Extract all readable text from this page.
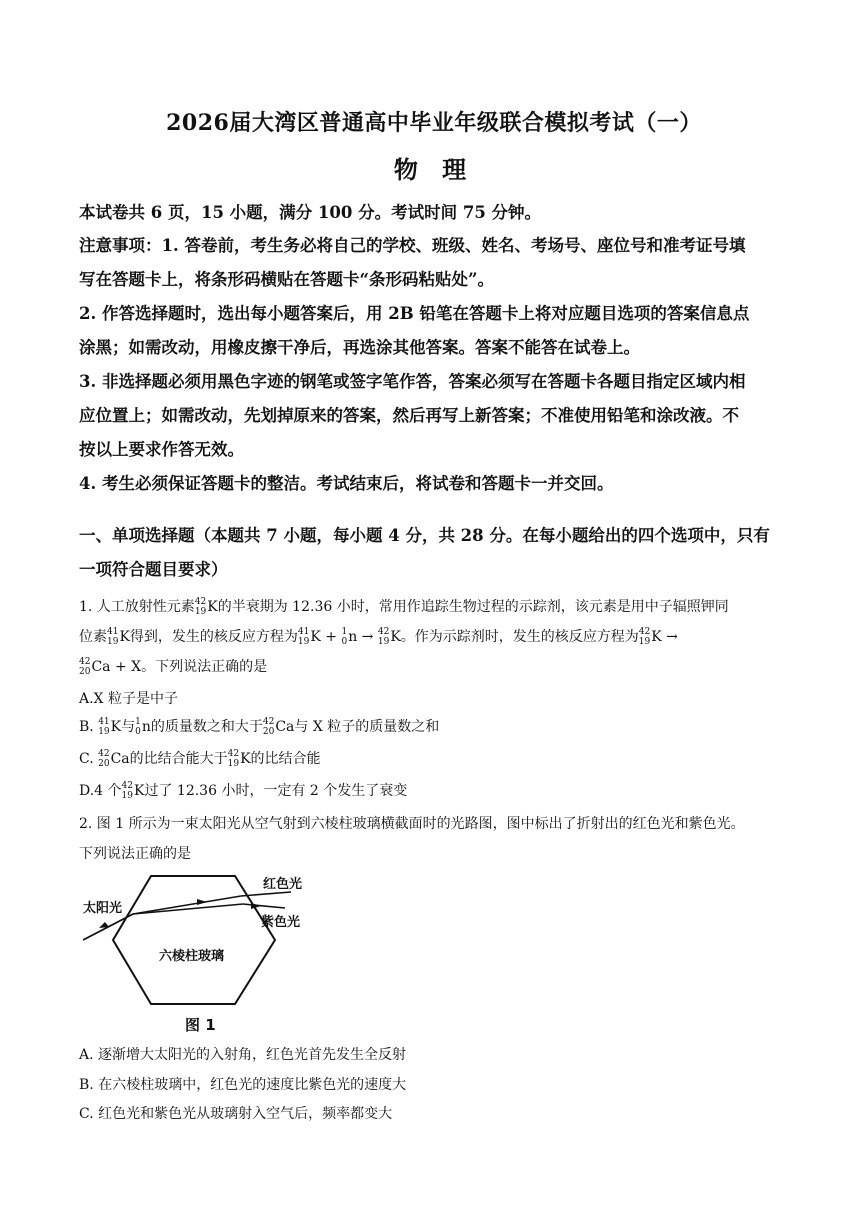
2026届大湾区普通高中毕业年级联合模拟考试（一）
物 理
本试卷共 6 页，15 小题，满分 100 分。考试时间 75 分钟。
注意事项：1. 答卷前，考生务必将自己的学校、班级、姓名、考场号、座位号和准考证号填
写在答题卡上，将条形码横贴在答题卡“条形码粘贴处”。
2. 作答选择题时，选出每小题答案后，用 2B 铅笔在答题卡上将对应题目选项的答案信息点
涂黑；如需改动，用橡皮擦干净后，再选涂其他答案。答案不能答在试卷上。
3. 非选择题必须用黑色字迹的钢笔或签字笔作答，答案必须写在答题卡各题目指定区域内相
应位置上；如需改动，先划掉原来的答案，然后再写上新答案；不准使用铅笔和涂改液。不
按以上要求作答无效。
4. 考生必须保证答题卡的整洁。考试结束后，将试卷和答题卡一并交回。
一、单项选择题（本题共 7 小题，每小题 4 分，共 28 分。在每小题给出的四个选项中，只有
一项符合题目要求）
1. 人工放射性元素 42
19 K的半衰期为 12.36 小时，常用作追踪生物过程的示踪剂，该元素是用中子辐照钾同
位素 41
19 K得到，发生的核反应方程为 41
19 K + 1
0 n → 42
19 K。作为示踪剂时，发生的核反应方程为 42
19 K →
42
20 Ca + X。下列说法正确的是
A.X 粒子是中子
B. 41
19 K与 1
0 n的质量数之和大于 42
20 Ca与 X 粒子的质量数之和
C. 42
20 Ca的比结合能大于 42
19 K的比结合能
D.4 个 42
19 K过了 12.36 小时，一定有 2 个发生了衰变
2. 图 1 所示为一束太阳光从空气射到六棱柱玻璃横截面时的光路图，图中标出了折射出的红色光和紫色光。
下列说法正确的是
太阳光
红色光
紫色光
六棱柱玻璃
图 1
A. 逐渐增大太阳光的入射角，红色光首先发生全反射
B. 在六棱柱玻璃中，红色光的速度比紫色光的速度大
C. 红色光和紫色光从玻璃射入空气后，频率都变大
